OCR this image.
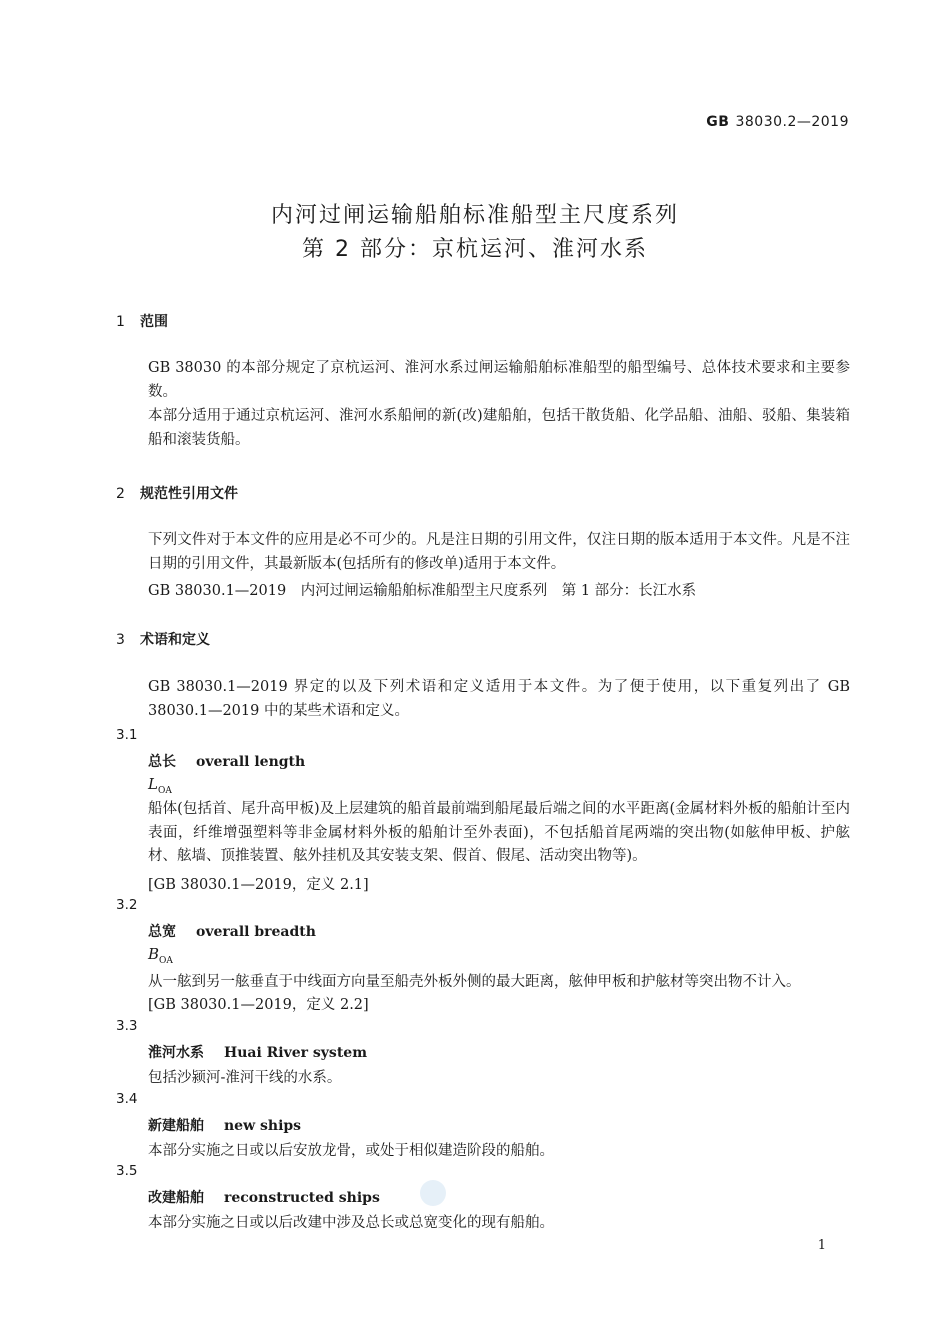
GB 38030.2—2019
内河过闸运输船舶标准船型主尺度系列
第 2 部分：京杭运河、淮河水系
1 范围
GB 38030 的本部分规定了京杭运河、淮河水系过闸运输船舶标准船型的船型编号、总体技术要求和主要参数。
本部分适用于通过京杭运河、淮河水系船闸的新(改)建船舶，包括干散货船、化学品船、油船、驳船、集装箱船和滚装货船。
2 规范性引用文件
下列文件对于本文件的应用是必不可少的。凡是注日期的引用文件，仅注日期的版本适用于本文件。凡是不注日期的引用文件，其最新版本(包括所有的修改单)适用于本文件。
GB 38030.1—2019　内河过闸运输船舶标准船型主尺度系列　第 1 部分：长江水系
3 术语和定义
GB 38030.1—2019 界定的以及下列术语和定义适用于本文件。为了便于使用，以下重复列出了 GB 38030.1—2019 中的某些术语和定义。
3.1
总长 overall length
$L_{OA}$
船体(包括首、尾升高甲板)及上层建筑的船首最前端到船尾最后端之间的水平距离(金属材料外板的船舶计至内表面，纤维增强塑料等非金属材料外板的船舶计至外表面)，不包括船首尾两端的突出物(如舷伸甲板、护舷材、舷墙、顶推装置、舷外挂机及其安装支架、假首、假尾、活动突出物等)。
[GB 38030.1—2019，定义 2.1]
3.2
总宽 overall breadth
$B_{OA}$
从一舷到另一舷垂直于中线面方向量至船壳外板外侧的最大距离，舷伸甲板和护舷材等突出物不计入。
[GB 38030.1—2019，定义 2.2]
3.3
淮河水系 Huai River system
包括沙颍河-淮河干线的水系。
3.4
新建船舶 new ships
本部分实施之日或以后安放龙骨，或处于相似建造阶段的船舶。
3.5
改建船舶 reconstructed ships
本部分实施之日或以后改建中涉及总长或总宽变化的现有船舶。
1
